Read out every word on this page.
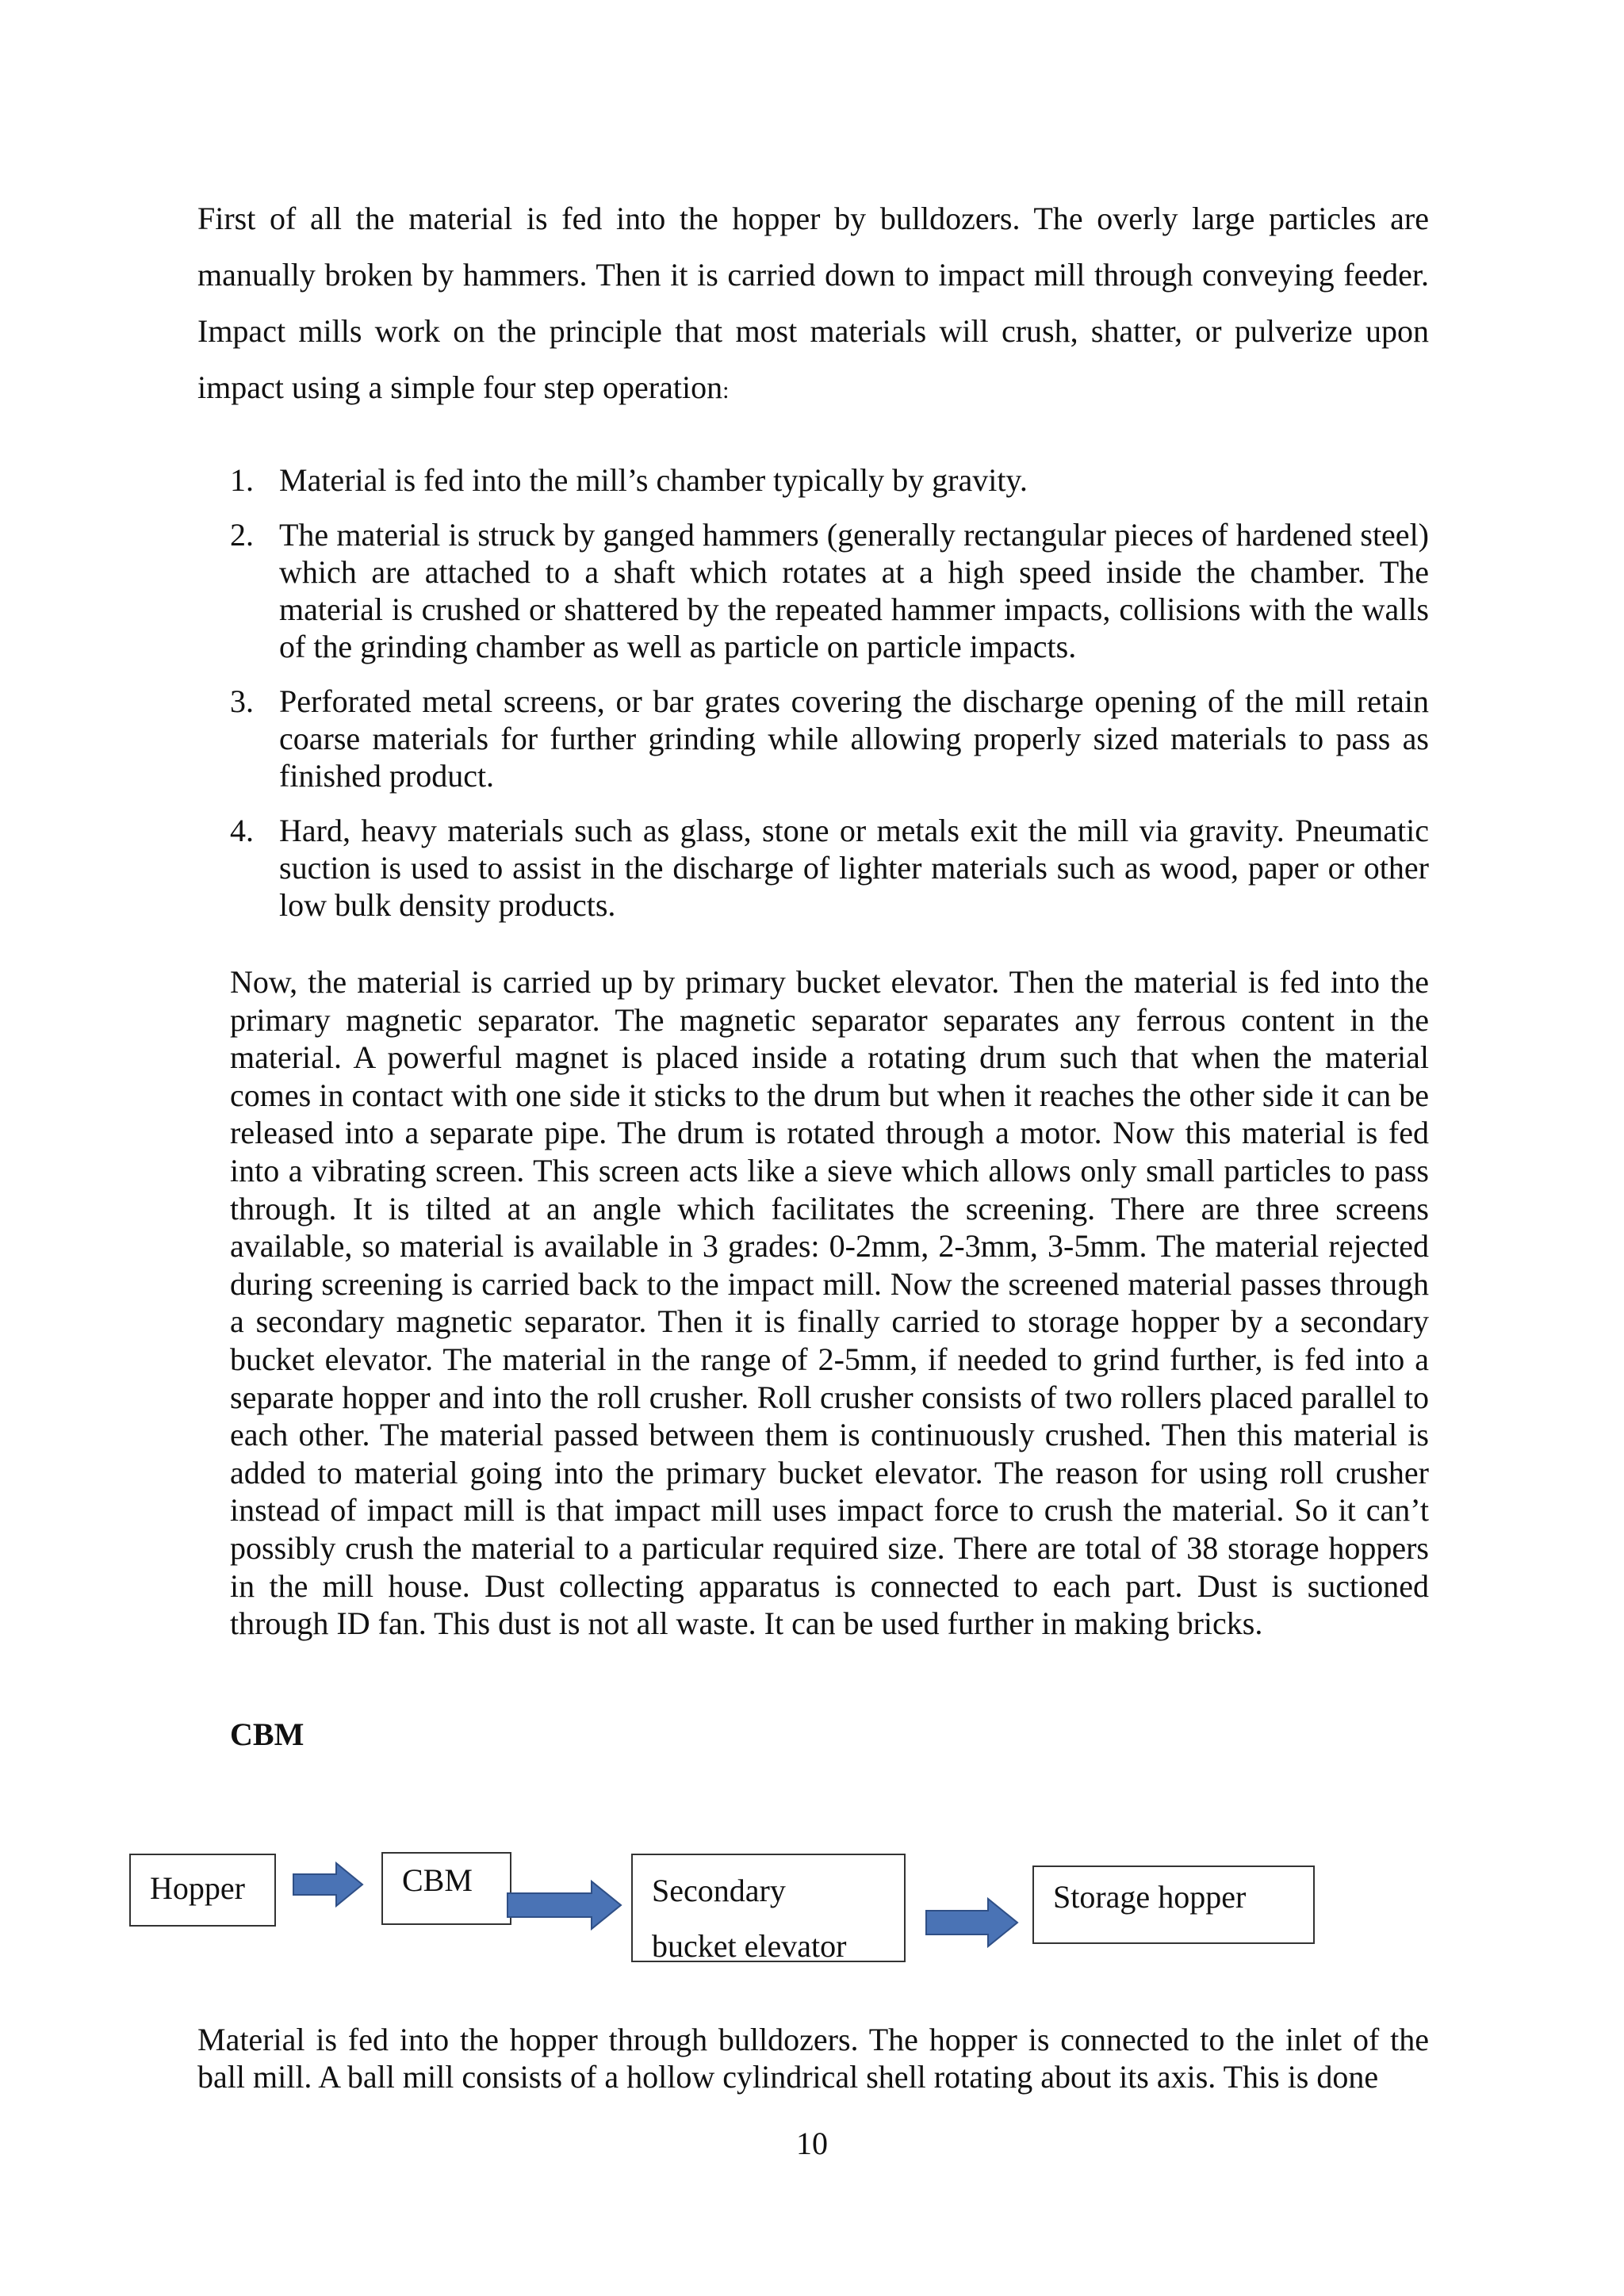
First of all the material is fed into the hopper by bulldozers. The overly large particles are manually broken by hammers. Then it is carried down to impact mill through conveying feeder. Impact mills work on the principle that most materials will crush, shatter, or pulverize upon impact using a simple four step operation:

1. Material is fed into the mill’s chamber typically by gravity.
2. The material is struck by ganged hammers (generally rectangular pieces of hardened steel) which are attached to a shaft which rotates at a high speed inside the chamber. The material is crushed or shattered by the repeated hammer impacts, collisions with the walls of the grinding chamber as well as particle on particle impacts.
3. Perforated metal screens, or bar grates covering the discharge opening of the mill retain coarse materials for further grinding while allowing properly sized materials to pass as finished product.
4. Hard, heavy materials such as glass, stone or metals exit the mill via gravity. Pneumatic suction is used to assist in the discharge of lighter materials such as wood, paper or other low bulk density products.

Now, the material is carried up by primary bucket elevator. Then the material is fed into the primary magnetic separator. The magnetic separator separates any ferrous content in the material. A powerful magnet is placed inside a rotating drum such that when the material comes in contact with one side it sticks to the drum but when it reaches the other side it can be released into a separate pipe. The drum is rotated through a motor. Now this material is fed into a vibrating screen. This screen acts like a sieve which allows only small particles to pass through. It is tilted at an angle which facilitates the screening. There are three screens available, so material is available in 3 grades: 0-2mm, 2-3mm, 3-5mm. The material rejected during screening is carried back to the impact mill. Now the screened material passes through a secondary magnetic separator. Then it is finally carried to storage hopper by a secondary bucket elevator. The material in the range of 2-5mm, if needed to grind further, is fed into a separate hopper and into the roll crusher. Roll crusher consists of two rollers placed parallel to each other. The material passed between them is continuously crushed. Then this material is added to material going into the primary bucket elevator. The reason for using roll crusher instead of impact mill is that impact mill uses impact force to crush the material. So it can’t possibly crush the material to a particular required size. There are total of 38 storage hoppers in the mill house. Dust collecting apparatus is connected to each part. Dust is suctioned through ID fan. This dust is not all waste. It can be used further in making bricks.

CBM
Hopper	CBM	Secondary
bucket elevator
Storage hopper

Material is fed into the hopper through bulldozers. The hopper is connected to the inlet of the ball mill. A ball mill consists of a hollow cylindrical shell rotating about its axis. This is done

10
